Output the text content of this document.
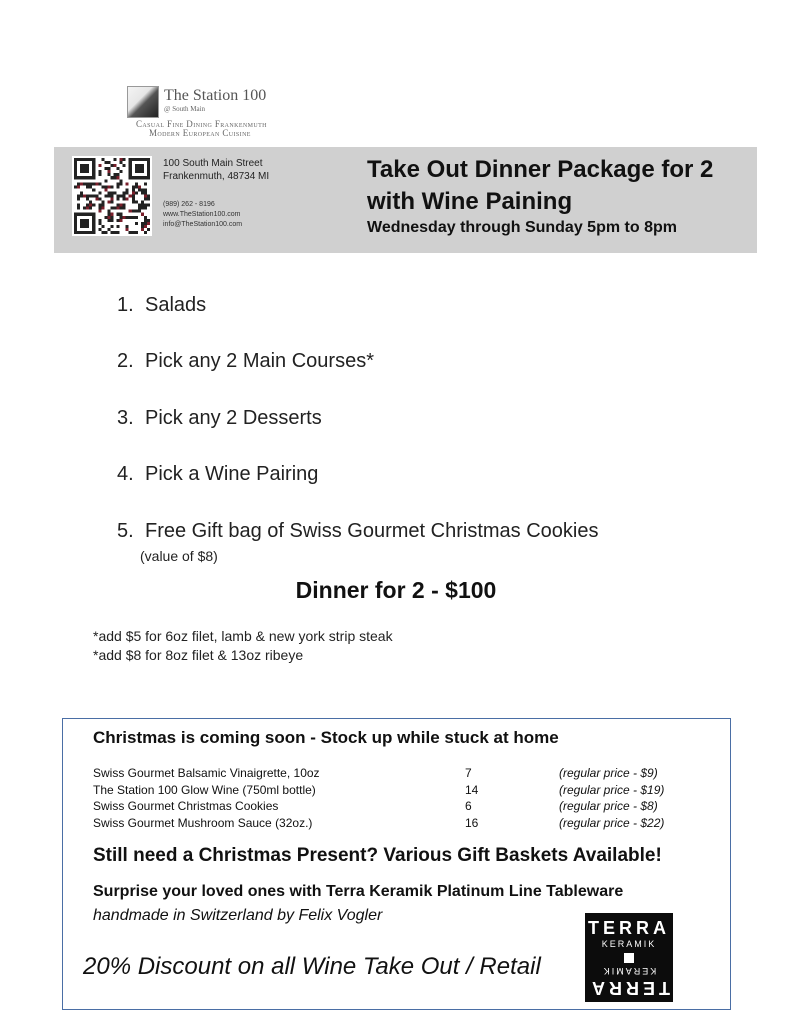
The Station 100
@ South Main
Casual Fine Dining Frankenmuth
Modern European Cuisine
100 South Main Street
Frankenmuth, 48734 MI
(989) 262 - 8196
www.TheStation100.com
info@TheStation100.com
Take Out Dinner Package for 2 with Wine Paining
Wednesday through Sunday 5pm to 8pm
1. Salads
2. Pick any 2 Main Courses*
3. Pick any 2 Desserts
4. Pick a Wine Pairing
5. Free Gift bag of Swiss Gourmet Christmas Cookies
(value of $8)
Dinner for 2 - $100
*add $5 for 6oz filet, lamb & new york strip steak
*add $8 for 8oz filet & 13oz ribeye
Christmas is coming soon - Stock up while stuck at home
Swiss Gourmet Balsamic Vinaigrette, 10oz	7	(regular price - $9)
The Station 100 Glow Wine (750ml bottle)	14	(regular price - $19)
Swiss Gourmet Christmas Cookies	6	(regular price - $8)
Swiss Gourmet Mushroom Sauce (32oz.)	16	(regular price - $22)
Still need a Christmas Present? Various Gift Baskets Available!
Surprise your loved ones with Terra Keramik Platinum Line Tableware
handmade in Switzerland by Felix Vogler
20% Discount on all Wine Take Out / Retail
TERRA
KERAMIK
KERAMIK
TERRA
